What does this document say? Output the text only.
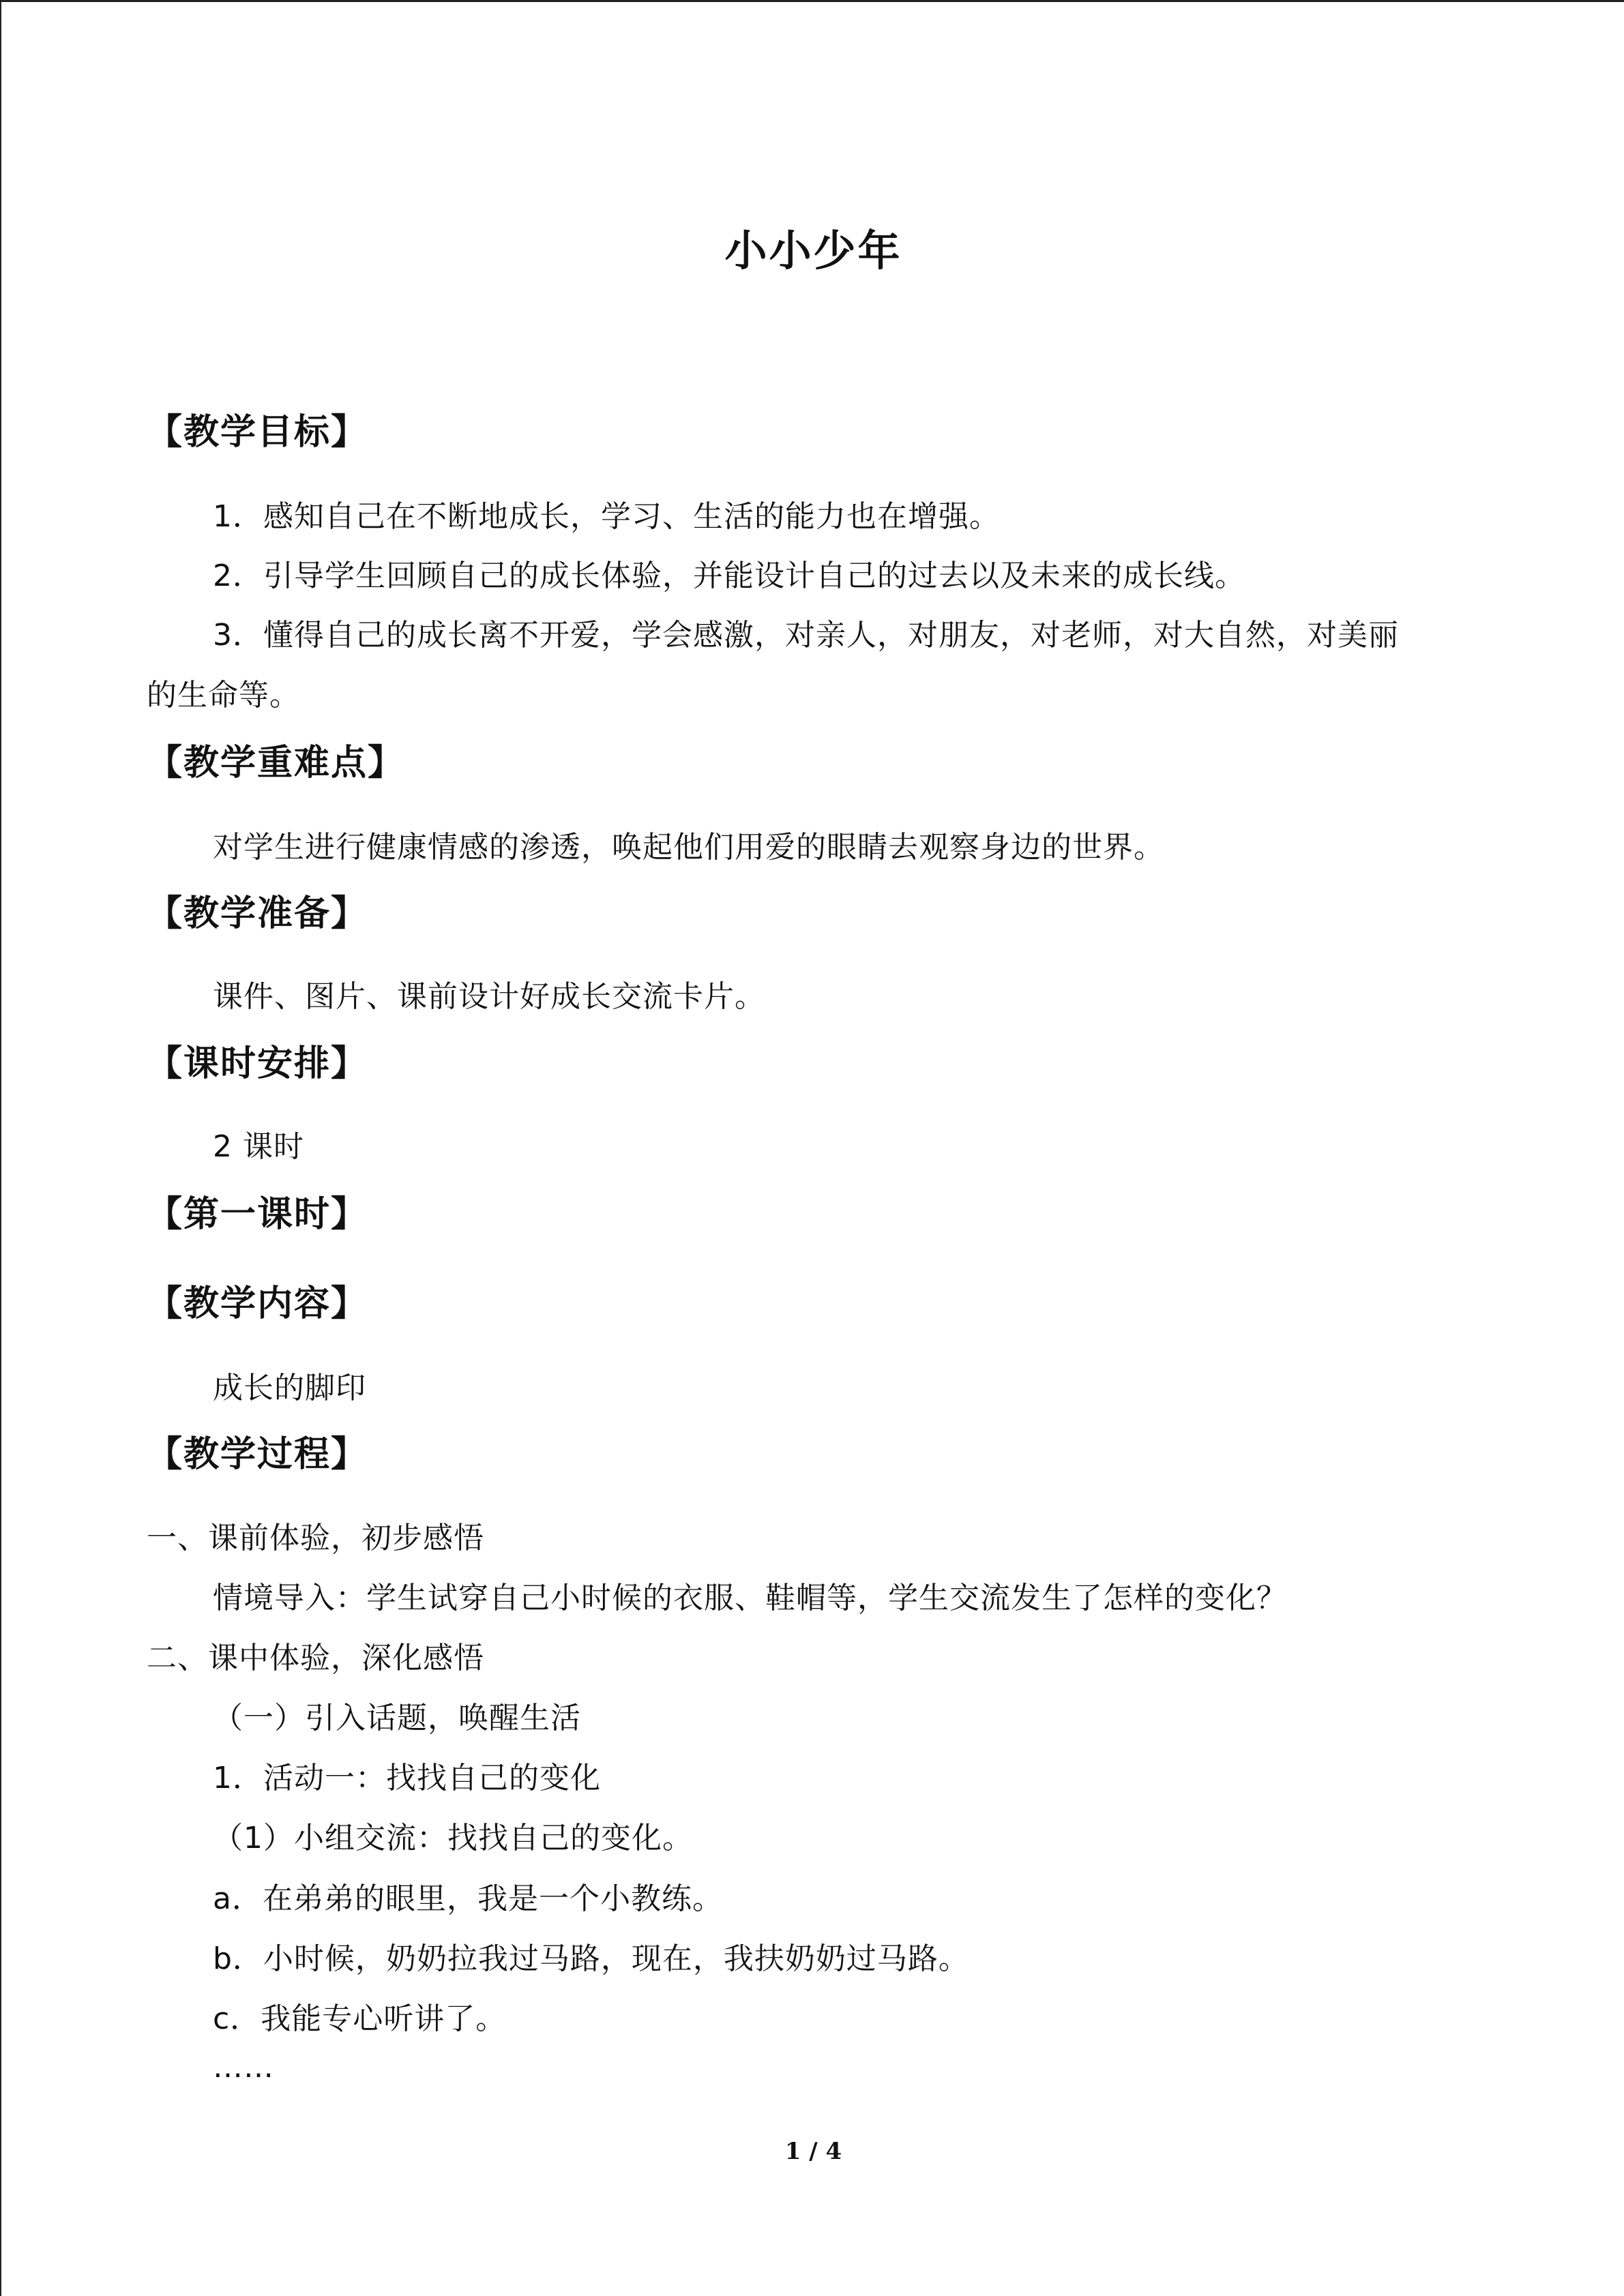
小小少年
【教学目标】
1．感知自己在不断地成长，学习、生活的能力也在增强。
2．引导学生回顾自己的成长体验，并能设计自己的过去以及未来的成长线。
3．懂得自己的成长离不开爱，学会感激，对亲人，对朋友，对老师，对大自然，对美丽
的生命等。
【教学重难点】
对学生进行健康情感的渗透，唤起他们用爱的眼睛去观察身边的世界。
【教学准备】
课件、图片、课前设计好成长交流卡片。
【课时安排】
2 课时
【第一课时】
【教学内容】
成长的脚印
【教学过程】
一、课前体验，初步感悟
情境导入：学生试穿自己小时候的衣服、鞋帽等，学生交流发生了怎样的变化？
二、课中体验，深化感悟
（一）引入话题，唤醒生活
1．活动一：找找自己的变化
（1）小组交流：找找自己的变化。
a．在弟弟的眼里，我是一个小教练。
b．小时候，奶奶拉我过马路，现在，我扶奶奶过马路。
c．我能专心听讲了。
……
1 / 4
